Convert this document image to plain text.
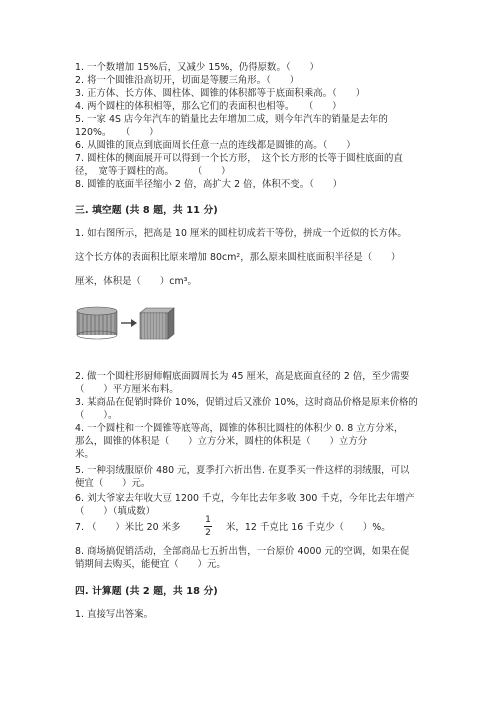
1. 一个数增加 15%后，又减少 15%，仍得原数。（　　）
2. 将一个圆锥沿高切开，切面是等腰三角形。（　　）
3. 正方体、长方体、圆柱体、圆锥的体积都等于底面积乘高。（　　）
4. 两个圆柱的体积相等，那么它们的表面积也相等。　　（　　）
5. 一家 4S 店今年汽车的销量比去年增加二成，则今年汽车的销量是去年的
120%。　　（　　）
6. 从圆锥的顶点到底面周长任意一点的连线都是圆锥的高。（　　）
7. 圆柱体的侧面展开可以得到一个长方形，　这个长方形的长等于圆柱底面的直
径，　宽等于圆柱的高。　　　（　　）
8. 圆锥的底面半径缩小 2 倍，高扩大 2 倍，体积不变。（　　）
三. 填空题 (共 8 题，共 11 分)
1. 如右图所示，把高是 10 厘米的圆柱切成若干等份，拼成一个近似的长方体。
这个长方体的表面积比原来增加 80cm²，那么原来圆柱底面积半径是（　　）
厘米，体积是（　　）cm³。
2. 做一个圆柱形厨师帽底面圆周长为 45 厘米，高是底面直径的 2 倍，至少需要
（　　）平方厘米布料。
3. 某商品在促销时降价 10%，促销过后又涨价 10%，这时商品价格是原来价格的
（　　）。
4. 一个圆柱和一个圆锥等底等高，圆锥的体积比圆柱的体积少 0. 8 立方分米，
那么，圆锥的体积是（　　）立方分米，圆柱的体积是（　　）立方分
米。
5. 一种羽绒服原价 480 元，夏季打六折出售. 在夏季买一件这样的羽绒服，可以
便宜（　　）元。
6. 刘大爷家去年收大豆 1200 千克，今年比去年多收 300 千克，今年比去年增产
（　　）（填成数）
7. （　　）米比 20 米多
1
2 米，12 千克比 16 千克少（　　）%。
8. 商场搞促销活动，全部商品七五折出售，一台原价 4000 元的空调，如果在促
销期间去购买，能便宜（　　）元。
四. 计算题 (共 2 题，共 18 分)
1. 直接写出答案。
